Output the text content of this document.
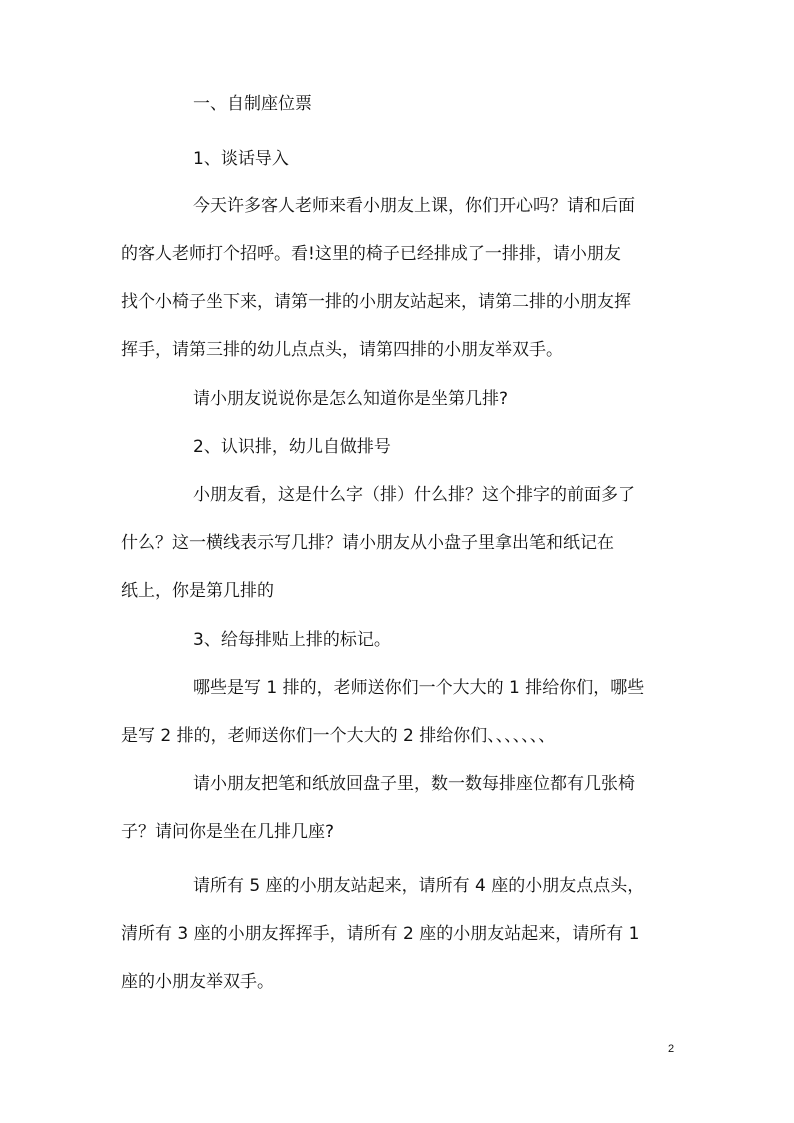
一、自制座位票
1、谈话导入
今天许多客人老师来看小朋友上课，你们开心吗？请和后面
的客人老师打个招呼。看!这里的椅子已经排成了一排排，请小朋友
找个小椅子坐下来，请第一排的小朋友站起来，请第二排的小朋友挥
挥手，请第三排的幼儿点点头，请第四排的小朋友举双手。
请小朋友说说你是怎么知道你是坐第几排?
2、认识排，幼儿自做排号
小朋友看，这是什么字（排）什么排？这个排字的前面多了
什么？这一横线表示写几排？请小朋友从小盘子里拿出笔和纸记在
纸上，你是第几排的
3、给每排贴上排的标记。
哪些是写 1 排的，老师送你们一个大大的 1 排给你们，哪些
是写 2 排的，老师送你们一个大大的 2 排给你们、、、、、、、
请小朋友把笔和纸放回盘子里，数一数每排座位都有几张椅
子？请问你是坐在几排几座?
请所有 5 座的小朋友站起来，请所有 4 座的小朋友点点头，
清所有 3 座的小朋友挥挥手，请所有 2 座的小朋友站起来，请所有 1
座的小朋友举双手。
2
